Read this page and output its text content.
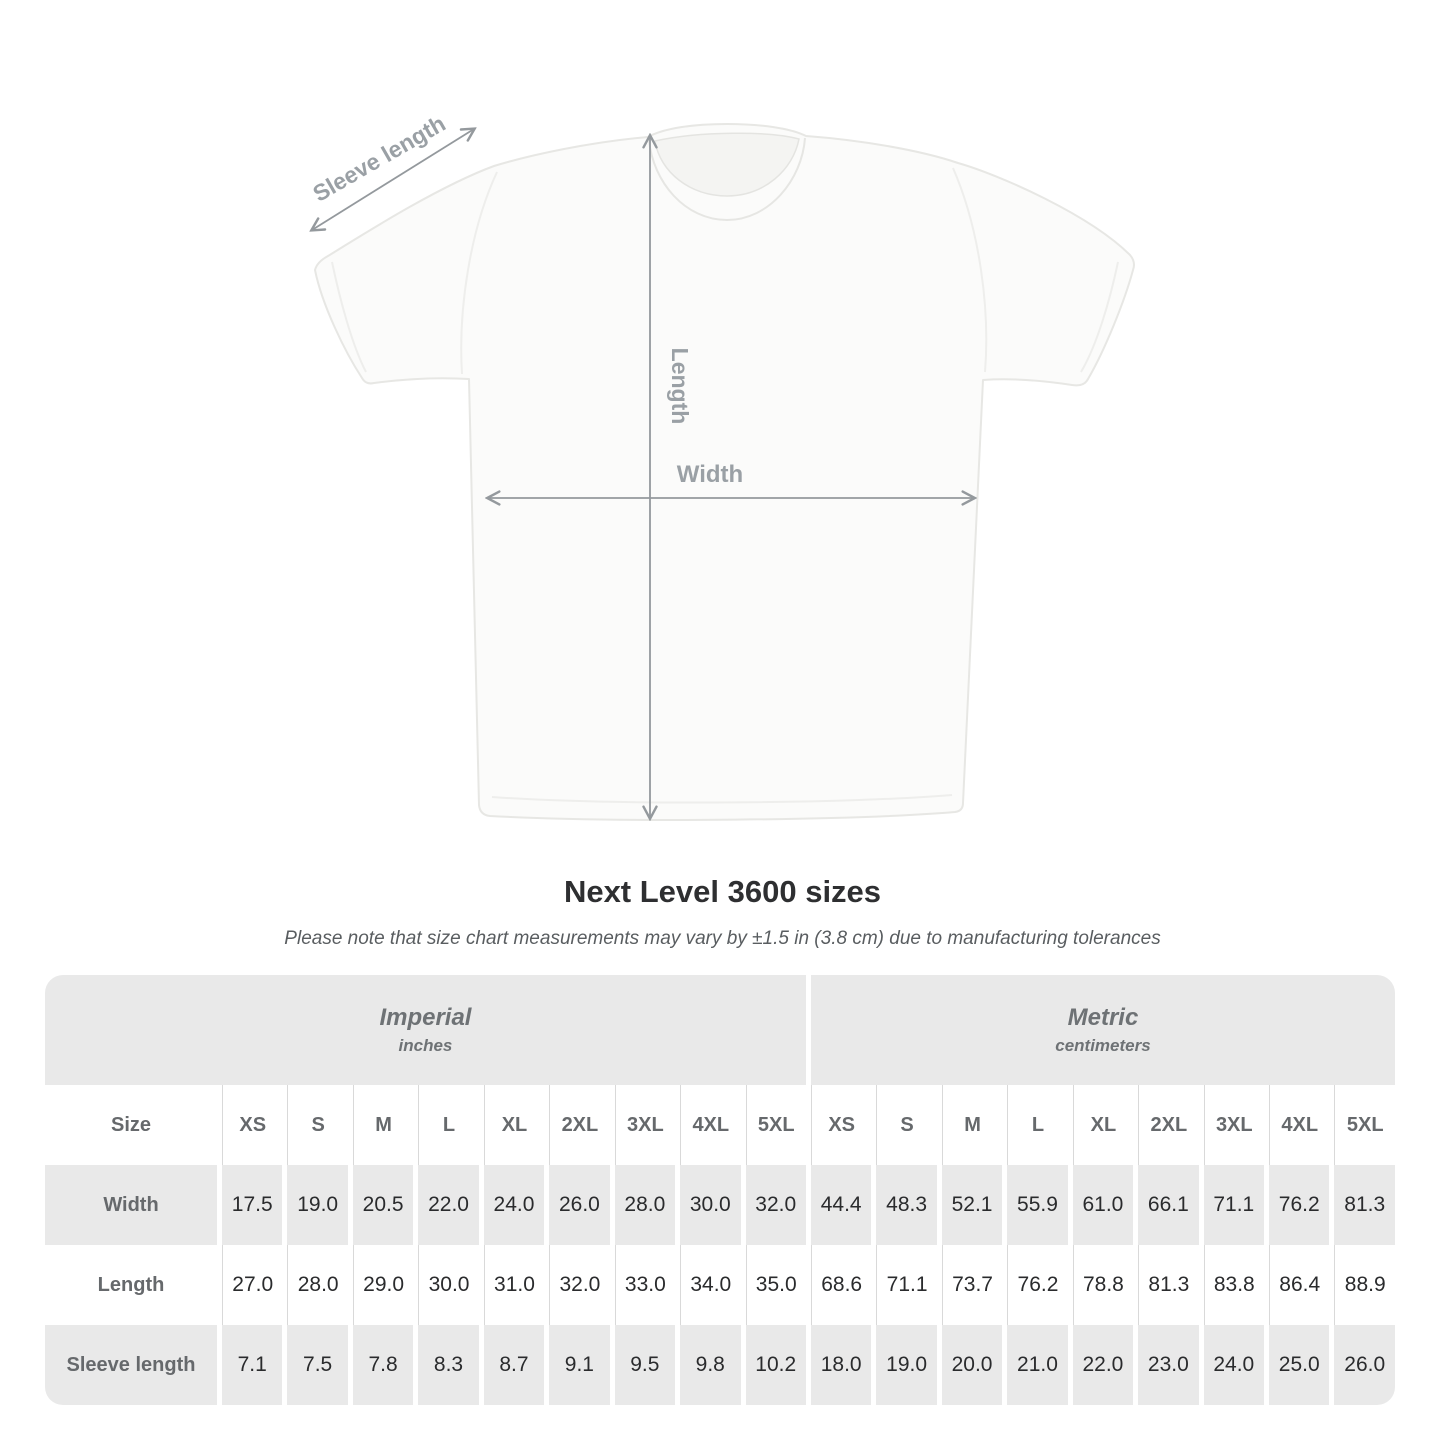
Sleeve length
Length
Width
Next Level 3600 sizes

Please note that size chart measurements may vary by ±1.5 in (3.8 cm) due to manufacturing tolerances

Imperial
inches

Metric
centimeters

Size	XS	S	M	L	XL	2XL	3XL	4XL	5XL	XS	S	M	L	XL	2XL	3XL	4XL	5XL
Width	17.5	19.0	20.5	22.0	24.0	26.0	28.0	30.0	32.0	44.4	48.3	52.1	55.9	61.0	66.1	71.1	76.2	81.3
Length	27.0	28.0	29.0	30.0	31.0	32.0	33.0	34.0	35.0	68.6	71.1	73.7	76.2	78.8	81.3	83.8	86.4	88.9
Sleeve length	7.1	7.5	7.8	8.3	8.7	9.1	9.5	9.8	10.2	18.0	19.0	20.0	21.0	22.0	23.0	24.0	25.0	26.0
